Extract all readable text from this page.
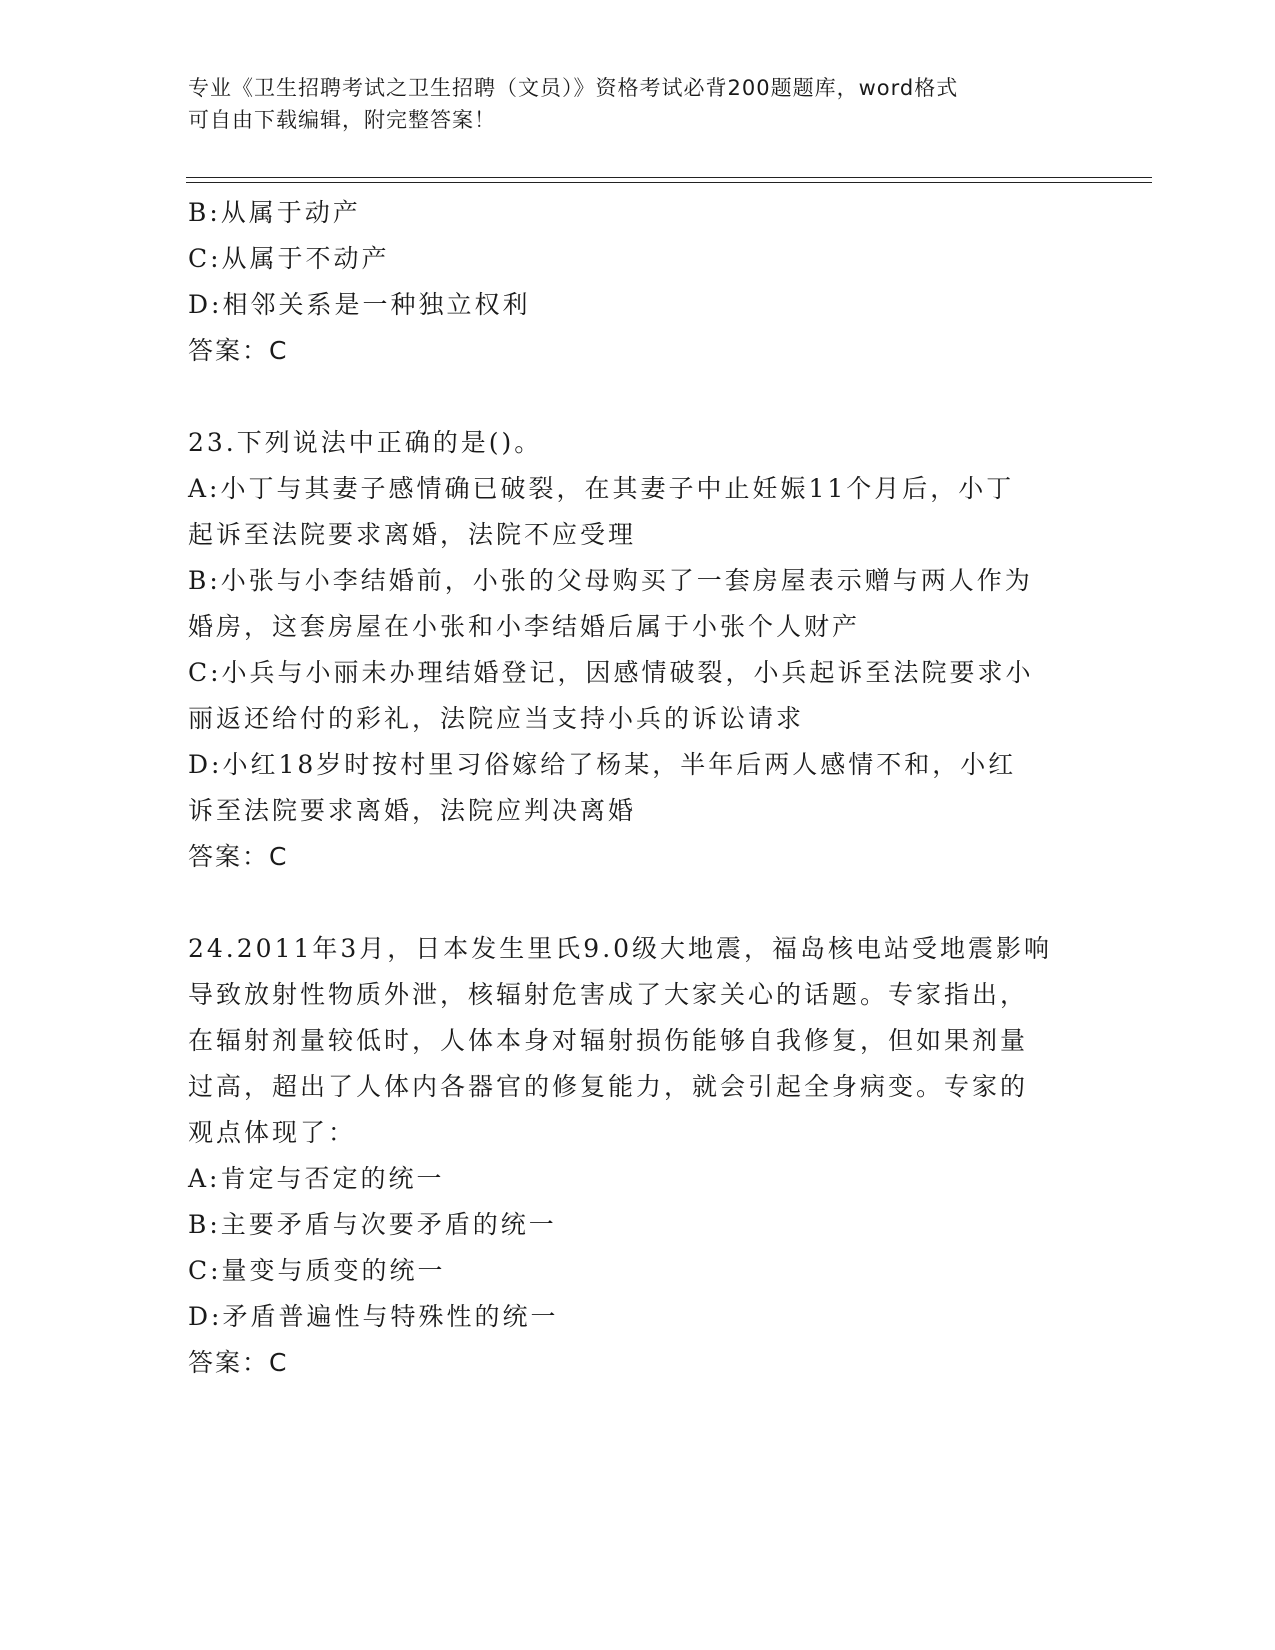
专业《卫生招聘考试之卫生招聘（文员）》资格考试必背200题题库，word格式
可自由下载编辑，附完整答案！
B:从属于动产
C:从属于不动产
D:相邻关系是一种独立权利
答案：C
23.下列说法中正确的是()。
A:小丁与其妻子感情确已破裂，在其妻子中止妊娠11个月后，小丁
起诉至法院要求离婚，法院不应受理
B:小张与小李结婚前，小张的父母购买了一套房屋表示赠与两人作为
婚房，这套房屋在小张和小李结婚后属于小张个人财产
C:小兵与小丽未办理结婚登记，因感情破裂，小兵起诉至法院要求小
丽返还给付的彩礼，法院应当支持小兵的诉讼请求
D:小红18岁时按村里习俗嫁给了杨某，半年后两人感情不和，小红
诉至法院要求离婚，法院应判决离婚
答案：C
24.2011年3月，日本发生里氏9.0级大地震，福岛核电站受地震影响
导致放射性物质外泄，核辐射危害成了大家关心的话题。专家指出，
在辐射剂量较低时，人体本身对辐射损伤能够自我修复，但如果剂量
过高，超出了人体内各器官的修复能力，就会引起全身病变。专家的
观点体现了：
A:肯定与否定的统一
B:主要矛盾与次要矛盾的统一
C:量变与质变的统一
D:矛盾普遍性与特殊性的统一
答案：C
